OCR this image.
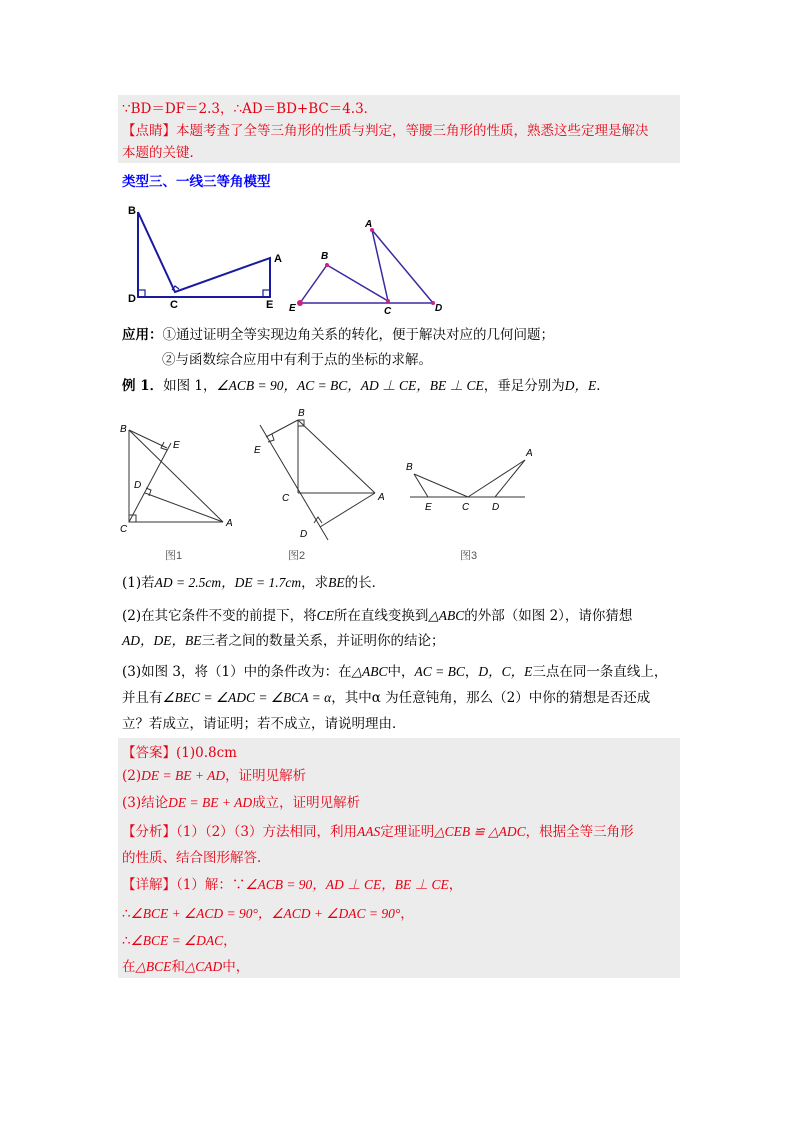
∵BD＝DF＝2.3，∴AD＝BD+BC＝4.3．
【点睛】本题考查了全等三角形的性质与判定，等腰三角形的性质，熟悉这些定理是解决
本题的关键．
类型三、一线三等角模型
B
A
D	C	E
A
B
E	C	D
应用：①通过证明全等实现边角关系的转化，便于解决对应的几何问题；
②与函数综合应用中有利于点的坐标的求解。
例 1．如图 1，∠ACB = 90，AC = BC，AD ⊥ CE，BE ⊥ CE，垂足分别为D，E．
B
E
D
C
A
图1
B
E
C	A
D
图2
B
A
E	C D
图3
(1)若AD = 2.5cm，DE = 1.7cm，求BE的长．
(2)在其它条件不变的前提下，将CE所在直线变换到△ABC的外部（如图 2），请你猜想
AD，DE，BE三者之间的数量关系，并证明你的结论；
(3)如图 3，将（1）中的条件改为：在△ABC中，AC = BC，D，C，E三点在同一条直线上，
并且有∠BEC = ∠ADC = ∠BCA = α，其中α 为任意钝角，那么（2）中你的猜想是否还成
立？若成立，请证明；若不成立，请说明理由．
【答案】(1)0.8cm
(2)DE = BE + AD，证明见解析
(3)结论DE = BE + AD成立，证明见解析
【分析】（1）（2）（3）方法相同，利用AAS定理证明△CEB ≌ △ADC，根据全等三角形
的性质、结合图形解答．
【详解】（1）解：∵∠ACB = 90，AD ⊥ CE，BE ⊥ CE，
∴∠BCE + ∠ACD = 90°，∠ACD + ∠DAC = 90°，
∴∠BCE = ∠DAC，
在△BCE和△CAD中，
